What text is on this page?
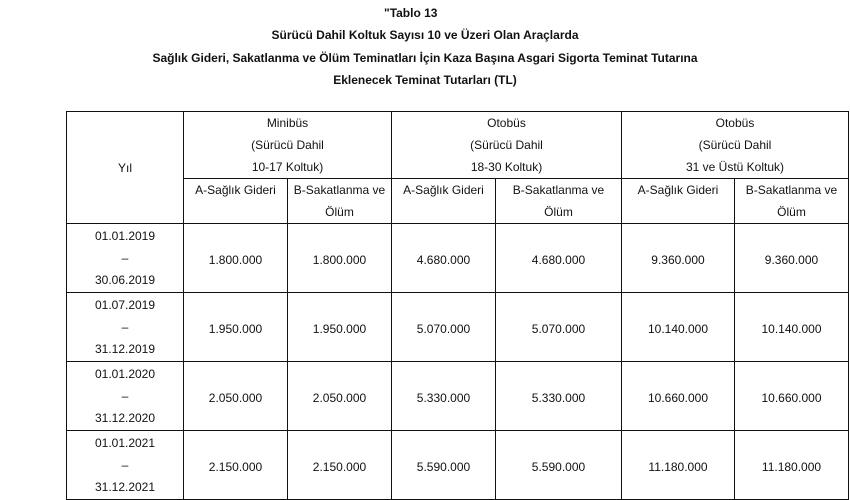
"Tablo 13
Sürücü Dahil Koltuk Sayısı 10 ve Üzeri Olan Araçlarda
Sağlık Gideri, Sakatlanma ve Ölüm Teminatları İçin Kaza Başına Asgari Sigorta Teminat Tutarına
Eklenecek Teminat Tutarları (TL)
Yıl	Minibüs
(Sürücü Dahil
10-17 Koltuk)		Otobüs
(Sürücü Dahil
18-30 Koltuk)		Otobüs
(Sürücü Dahil
31 ve Üstü Koltuk)	

	A-Sağlık Gideri	B-Sakatlanma ve
Ölüm	A-Sağlık Gideri	B-Sakatlanma ve
Ölüm	A-Sağlık Gideri	B-Sakatlanma ve
Ölüm

01.01.2019
–
30.06.2019	1.800.000	1.800.000	4.680.000	4.680.000	9.360.000	9.360.000

01.07.2019
–
31.12.2019	1.950.000	1.950.000	5.070.000	5.070.000	10.140.000	10.140.000

01.01.2020
–
31.12.2020	2.050.000	2.050.000	5.330.000	5.330.000	10.660.000	10.660.000

01.01.2021
–
31.12.2021	2.150.000	2.150.000	5.590.000	5.590.000	11.180.000	11.180.000
